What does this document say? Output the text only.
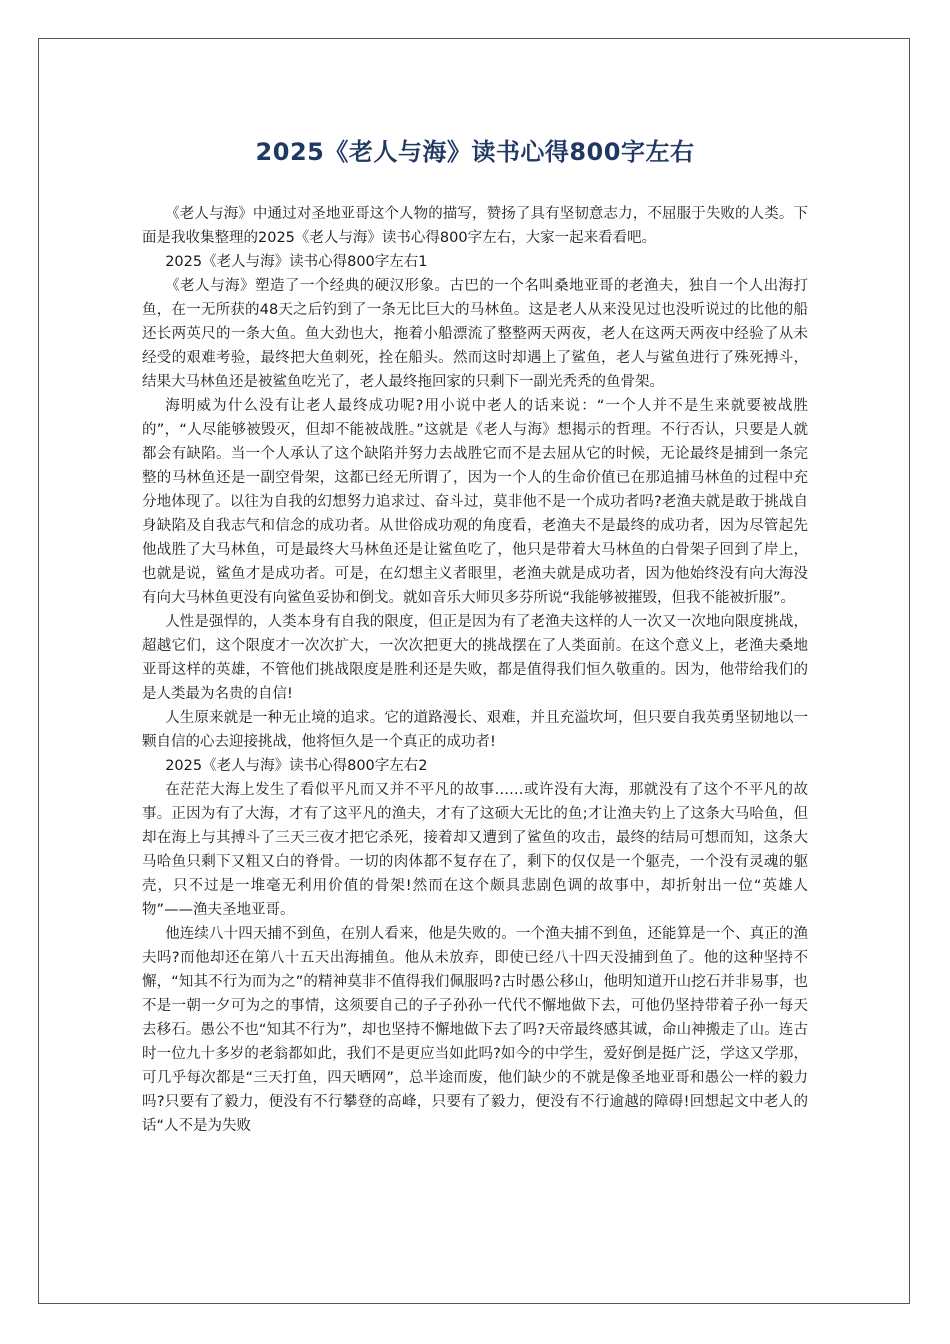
2025《老人与海》读书心得800字左右

《老人与海》中通过对圣地亚哥这个人物的描写，赞扬了具有坚韧意志力，不屈服于失败的人类。下面是我收集整理的2025《老人与海》读书心得800字左右，大家一起来看看吧。

2025《老人与海》读书心得800字左右1

《老人与海》塑造了一个经典的硬汉形象。古巴的一个名叫桑地亚哥的老渔夫，独自一个人出海打鱼，在一无所获的48天之后钓到了一条无比巨大的马林鱼。这是老人从来没见过也没听说过的比他的船还长两英尺的一条大鱼。鱼大劲也大，拖着小船漂流了整整两天两夜，老人在这两天两夜中经验了从未经受的艰难考验，最终把大鱼刺死，拴在船头。然而这时却遇上了鲨鱼，老人与鲨鱼进行了殊死搏斗，结果大马林鱼还是被鲨鱼吃光了，老人最终拖回家的只剩下一副光秃秃的鱼骨架。

海明威为什么没有让老人最终成功呢?用小说中老人的话来说：“一个人并不是生来就要被战胜的”，“人尽能够被毁灭，但却不能被战胜。”这就是《老人与海》想揭示的哲理。不行否认，只要是人就都会有缺陷。当一个人承认了这个缺陷并努力去战胜它而不是去屈从它的时候，无论最终是捕到一条完整的马林鱼还是一副空骨架，这都已经无所谓了，因为一个人的生命价值已在那追捕马林鱼的过程中充分地体现了。以往为自我的幻想努力追求过、奋斗过，莫非他不是一个成功者吗?老渔夫就是敢于挑战自身缺陷及自我志气和信念的成功者。从世俗成功观的角度看，老渔夫不是最终的成功者，因为尽管起先他战胜了大马林鱼，可是最终大马林鱼还是让鲨鱼吃了，他只是带着大马林鱼的白骨架子回到了岸上，也就是说，鲨鱼才是成功者。可是，在幻想主义者眼里，老渔夫就是成功者，因为他始终没有向大海没有向大马林鱼更没有向鲨鱼妥协和倒戈。就如音乐大师贝多芬所说“我能够被摧毁，但我不能被折服”。

人性是强悍的，人类本身有自我的限度，但正是因为有了老渔夫这样的人一次又一次地向限度挑战，超越它们，这个限度才一次次扩大，一次次把更大的挑战摆在了人类面前。在这个意义上，老渔夫桑地亚哥这样的英雄，不管他们挑战限度是胜利还是失败，都是值得我们恒久敬重的。因为，他带给我们的是人类最为名贵的自信!

人生原来就是一种无止境的追求。它的道路漫长、艰难，并且充溢坎坷，但只要自我英勇坚韧地以一颗自信的心去迎接挑战，他将恒久是一个真正的成功者!

2025《老人与海》读书心得800字左右2

在茫茫大海上发生了看似平凡而又并不平凡的故事……或许没有大海，那就没有了这个不平凡的故事。正因为有了大海，才有了这平凡的渔夫，才有了这硕大无比的鱼;才让渔夫钓上了这条大马哈鱼，但却在海上与其搏斗了三天三夜才把它杀死，接着却又遭到了鲨鱼的攻击，最终的结局可想而知，这条大马哈鱼只剩下又粗又白的脊骨。一切的肉体都不复存在了，剩下的仅仅是一个躯壳，一个没有灵魂的躯壳，只不过是一堆毫无利用价值的骨架!然而在这个颇具悲剧色调的故事中，却折射出一位“英雄人物”——渔夫圣地亚哥。

他连续八十四天捕不到鱼，在别人看来，他是失败的。一个渔夫捕不到鱼，还能算是一个、真正的渔夫吗?而他却还在第八十五天出海捕鱼。他从未放弃，即使已经八十四天没捕到鱼了。他的这种坚持不懈，“知其不行为而为之”的精神莫非不值得我们佩服吗?古时愚公移山，他明知道开山挖石并非易事，也不是一朝一夕可为之的事情，这须要自己的子子孙孙一代代不懈地做下去，可他仍坚持带着子孙一每天去移石。愚公不也“知其不行为”，却也坚持不懈地做下去了吗?天帝最终感其诚，命山神搬走了山。连古时一位九十多岁的老翁都如此，我们不是更应当如此吗?如今的中学生，爱好倒是挺广泛，学这又学那，可几乎每次都是“三天打鱼，四天晒网”，总半途而废，他们缺少的不就是像圣地亚哥和愚公一样的毅力吗?只要有了毅力，便没有不行攀登的高峰，只要有了毅力，便没有不行逾越的障碍!回想起文中老人的话“人不是为失败
